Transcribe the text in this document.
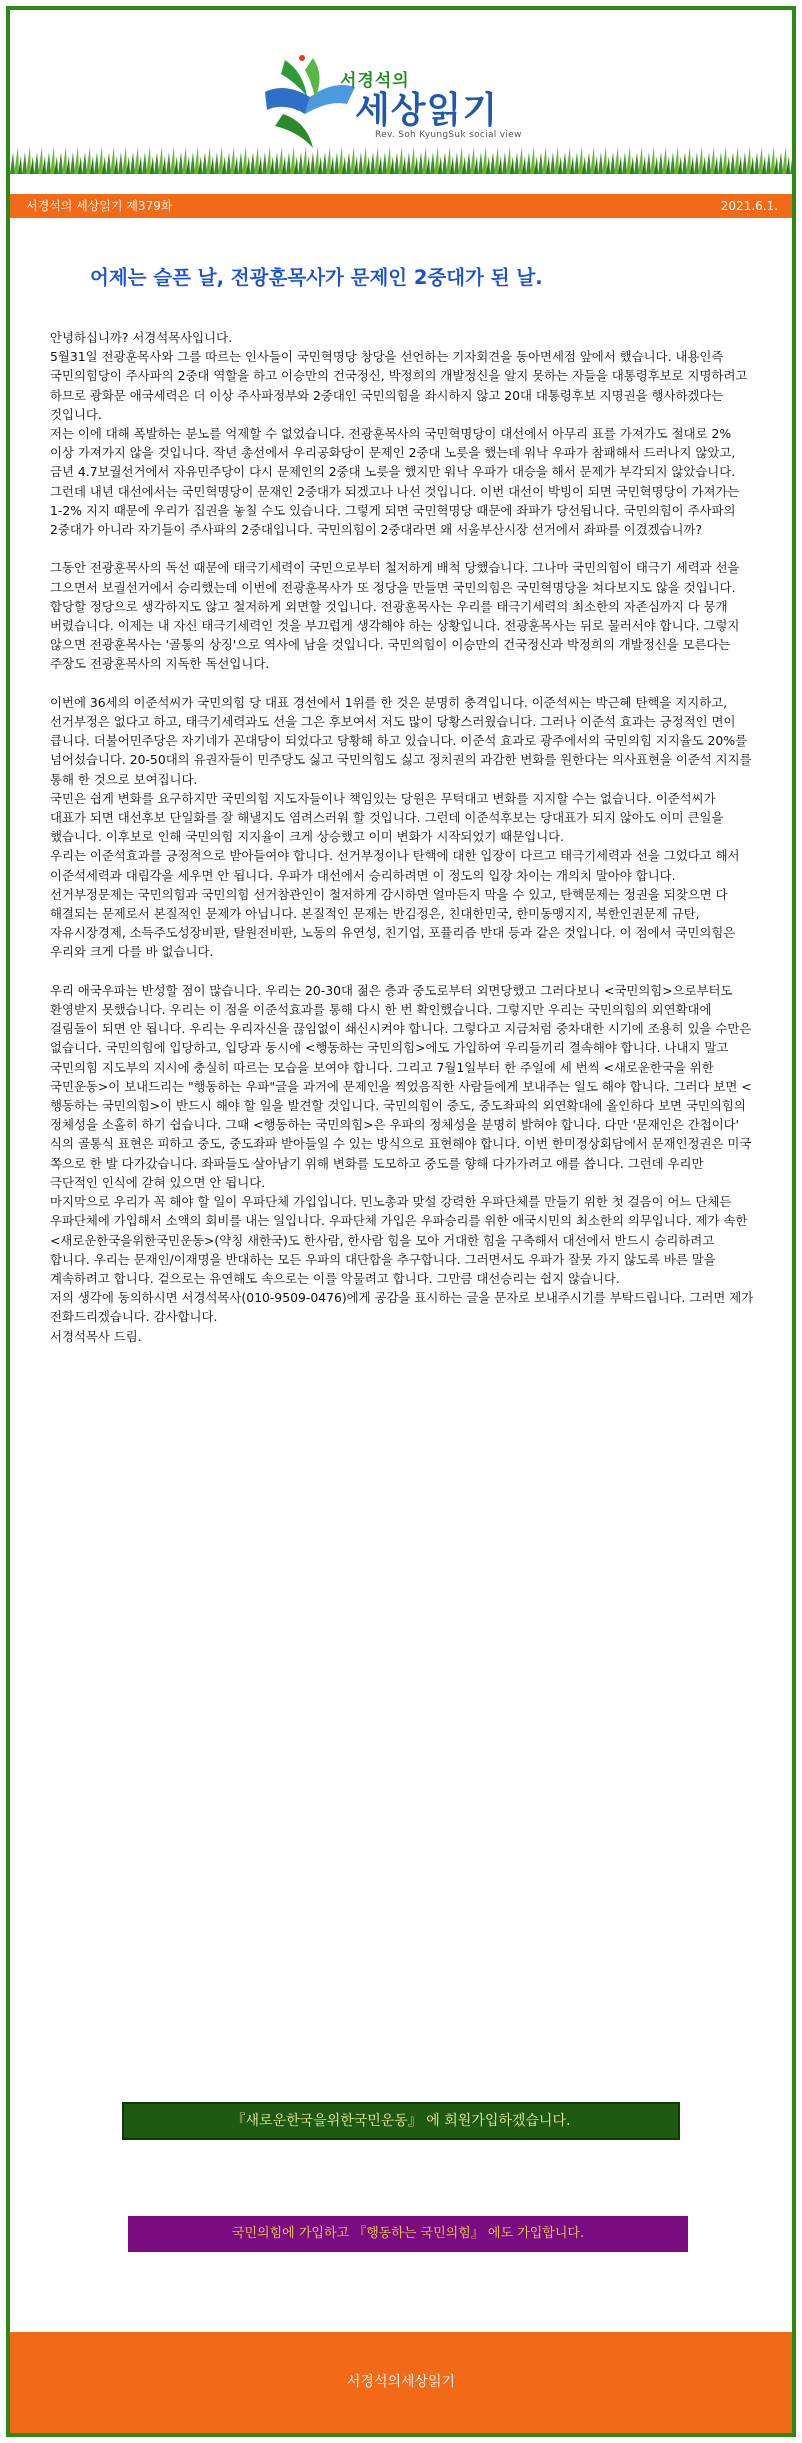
서경석의
세상읽기
Rev. Soh KyungSuk social view
서경석의 세상읽기 제379화	2021.6.1.
어제는 슬픈 날, 전광훈목사가 문제인 2중대가 된 날.

안녕하십니까? 서경석목사입니다.

5월31일 전광훈목사와 그를 따르는 인사들이 국민혁명당 창당을 선언하는 기자회견을 동아면세점 앞에서 했습니다. 내용인즉 국민의힘당이 주사파의 2중대 역할을 하고 이승만의 건국정신, 박정희의 개발정신을 알지 못하는 자들을 대통령후보로 지명하려고 하므로 광화문 애국세력은 더 이상 주사파정부와 2중대인 국민의힘을 좌시하지 않고 20대 대통령후보 지명권을 행사하겠다는 것입니다.

저는 이에 대해 폭발하는 분노를 억제할 수 없었습니다. 전광훈목사의 국민혁명당이 대선에서 아무리 표를 가져가도 절대로 2% 이상 가져가지 않을 것입니다. 작년 총선에서 우리공화당이 문제인 2중대 노릇을 했는데 워낙 우파가 참패해서 드러나지 않았고, 금년 4.7보궐선거에서 자유민주당이 다시 문제인의 2중대 노릇을 했지만 워낙 우파가 대승을 해서 문제가 부각되지 않았습니다. 그런데 내년 대선에서는 국민혁명당이 문재인 2중대가 되겠고나 나선 것입니다. 이번 대선이 박빙이 되면 국민혁명당이 가져가는 1-2% 지지 때문에 우리가 집권을 놓칠 수도 있습니다. 그렇게 되면 국민혁명당 때문에 좌파가 당선됩니다. 국민의힘이 주사파의 2중대가 아니라 자기들이 주사파의 2중대입니다. 국민의힘이 2중대라면 왜 서울부산시장 선거에서 좌파를 이겼겠습니까?

그동안 전광훈목사의 독선 때문에 태극기세력이 국민으로부터 철저하게 배척 당했습니다. 그나마 국민의힘이 태극기 세력과 선을 그으면서 보궐선거에서 승리했는데 이번에 전광훈목사가 또 정당을 만들면 국민의힘은 국민혁명당을 쳐다보지도 않을 것입니다. 합당할 정당으로 생각하지도 않고 철저하게 외면할 것입니다. 전광훈목사는 우리를 태극기세력의 최소한의 자존심까지 다 뭉개 버렸습니다. 이제는 내 자신 태극기세력인 것을 부끄럽게 생각해야 하는 상황입니다. 전광훈목사는 뒤로 물러서야 합니다. 그렇지 않으면 전광훈목사는 '골통의 상징'으로 역사에 남을 것입니다. 국민의힘이 이승만의 건국정신과 박정희의 개발정신을 모른다는 주장도 전광훈목사의 지독한 독선입니다.

이번에 36세의 이준석씨가 국민의힘 당 대표 경선에서 1위를 한 것은 분명히 충격입니다. 이준석씨는 박근혜 탄핵을 지지하고, 선거부정은 없다고 하고, 태극기세력과도 선을 그은 후보여서 저도 많이 당황스러웠습니다. 그러나 이준석 효과는 긍정적인 면이 큽니다. 더불어민주당은 자기네가 꼰대당이 되었다고 당황해 하고 있습니다. 이준석 효과로 광주에서의 국민의힘 지지율도 20%를 넘어섰습니다. 20-50대의 유권자들이 민주당도 싫고 국민의힘도 싫고 정치권의 과감한 변화를 원한다는 의사표현을 이준석 지지를 통해 한 것으로 보여집니다.

국민은 쉽게 변화를 요구하지만 국민의힘 지도자들이나 책임있는 당원은 무턱대고 변화를 지지할 수는 없습니다. 이준석씨가 대표가 되면 대선후보 단일화를 잘 해낼지도 염려스러워 할 것입니다. 그런데 이준석후보는 당대표가 되지 않아도 이미 큰일을 했습니다. 이후보로 인해 국민의힘 지지율이 크게 상승했고 이미 변화가 시작되었기 때문입니다.

우리는 이준석효과를 긍정적으로 받아들여야 합니다. 선거부정이나 탄핵에 대한 입장이 다르고 태극기세력과 선을 그었다고 해서 이준석세력과 대립각을 세우면 안 됩니다. 우파가 대선에서 승리하려면 이 정도의 입장 차이는 개의치 말아야 합니다. 선거부정문제는 국민의힘과 국민의힘 선거참관인이 철저하게 감시하면 얼마든지 막을 수 있고, 탄핵문제는 정권을 되찾으면 다 해결되는 문제로서 본질적인 문제가 아닙니다. 본질적인 문제는 반김정은, 친대한민국, 한미동맹지지, 북한인권문제 규탄, 자유시장경제, 소득주도성장비판, 탈원전비판, 노동의 유연성, 친기업, 포퓰리즘 반대 등과 같은 것입니다. 이 점에서 국민의힘은 우리와 크게 다를 바 없습니다.

우리 애국우파는 반성할 점이 많습니다. 우리는 20-30대 젊은 층과 중도로부터 외면당했고 그러다보니 <국민의힘>으로부터도 환영받지 못했습니다. 우리는 이 점을 이준석효과를 통해 다시 한 번 확인했습니다. 그렇지만 우리는 국민의힘의 외연확대에 걸림돌이 되면 안 됩니다. 우리는 우리자신을 끊임없이 쇄신시켜야 합니다. 그렇다고 지금처럼 중차대한 시기에 조용히 있을 수만은 없습니다. 국민의힘에 입당하고, 입당과 동시에 <행동하는 국민의힘>에도 가입하여 우리들끼리 결속해야 합니다. 나내지 말고 국민의힘 지도부의 지시에 충실히 따르는 모습을 보여야 합니다. 그리고 7월1일부터 한 주일에 세 번씩 <새로운한국을 위한 국민운동>이 보내드리는 "행동하는 우파"글을 과거에 문제인을 찍었음직한 사람들에게 보내주는 일도 해야 합니다. 그러다 보면 <행동하는 국민의힘>이 반드시 해야 할 일을 발견할 것입니다. 국민의힘이 중도, 중도좌파의 외연확대에 올인하다 보면 국민의힘의 정체성을 소홀히 하기 쉽습니다. 그때 <행동하는 국민의힘>은 우파의 정체성을 분명히 밝혀야 합니다. 다만 '문재인은 간첩이다' 식의 골통식 표현은 피하고 중도, 중도좌파 받아들일 수 있는 방식으로 표현해야 합니다. 이번 한미정상회담에서 문재인정권은 미국 쪽으로 한 발 다가갔습니다. 좌파들도 살아남기 위해 변화를 도모하고 중도를 향해 다가가려고 애를 씁니다. 그런데 우리만 극단적인 인식에 갇혀 있으면 안 됩니다.

마지막으로 우리가 꼭 해야 할 일이 우파단체 가입입니다. 민노총과 맞설 강력한 우파단체를 만들기 위한 첫 걸음이 어느 단체든 우파단체에 가입해서 소액의 회비를 내는 일입니다. 우파단체 가입은 우파승리를 위한 애국시민의 최소한의 의무입니다. 제가 속한 <새로운한국을위한국민운동>(약칭 새한국)도 한사람, 한사람 힘을 모아 거대한 힘을 구축해서 대선에서 반드시 승리하려고 합니다. 우리는 문재인/이재명을 반대하는 모든 우파의 대단합을 추구합니다. 그러면서도 우파가 잘못 가지 않도록 바른 말을 계속하려고 합니다. 겉으로는 유연해도 속으로는 이를 악물려고 합니다. 그만큼 대선승리는 쉽지 않습니다.

저의 생각에 동의하시면 서경석목사(010-9509-0476)에게 공감을 표시하는 글을 문자로 보내주시기를 부탁드립니다. 그러면 제가 전화드리겠습니다. 감사합니다.

서경석목사 드림.

『새로운한국을위한국민운동』 에 회원가입하겠습니다.
국민의힘에 가입하고 『행동하는 국민의힘』 에도 가입합니다.
서경석의세상읽기
